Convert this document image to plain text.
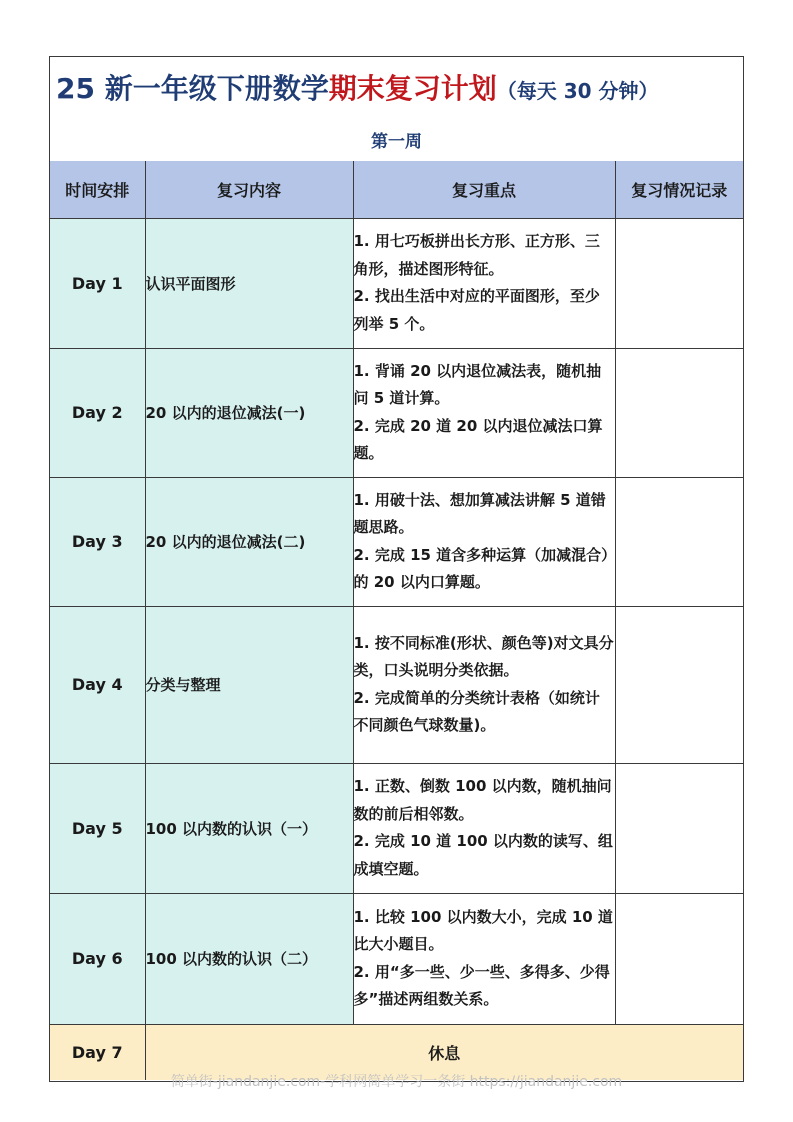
25 新一年级下册数学期末复习计划（每天 30 分钟）
第一周
时间安排	复习内容	复习重点	复习情况记录
Day 1	认识平面图形	1. 用七巧板拼出长方形、正方形、三角形，描述图形特征。
2. 找出生活中对应的平面图形，至少列举 5 个。	

Day 2	20 以内的退位减法(一)	1. 背诵 20 以内退位减法表，随机抽问 5 道计算。
2. 完成 20 道 20 以内退位减法口算题。	

Day 3	20 以内的退位减法(二)	1. 用破十法、想加算减法讲解 5 道错题思路。
2. 完成 15 道含多种运算（加减混合）的 20 以内口算题。	

Day 4	分类与整理	1. 按不同标准(形状、颜色等)对文具分类，口头说明分类依据。
2. 完成简单的分类统计表格（如统计不同颜色气球数量)。	

Day 5	100 以内数的认识（一）	1. 正数、倒数 100 以内数，随机抽问数的前后相邻数。
2. 完成 10 道 100 以内数的读写、组成填空题。	

Day 6	100 以内数的认识（二）	1. 比较 100 以内数大小，完成 10 道比大小题目。
2. 用“多一些、少一些、多得多、少得多”描述两组数关系。	

Day 7	休息		
简单街-jiandanjie.com-学科网简单学习一条街 https://jiandanjie.com
